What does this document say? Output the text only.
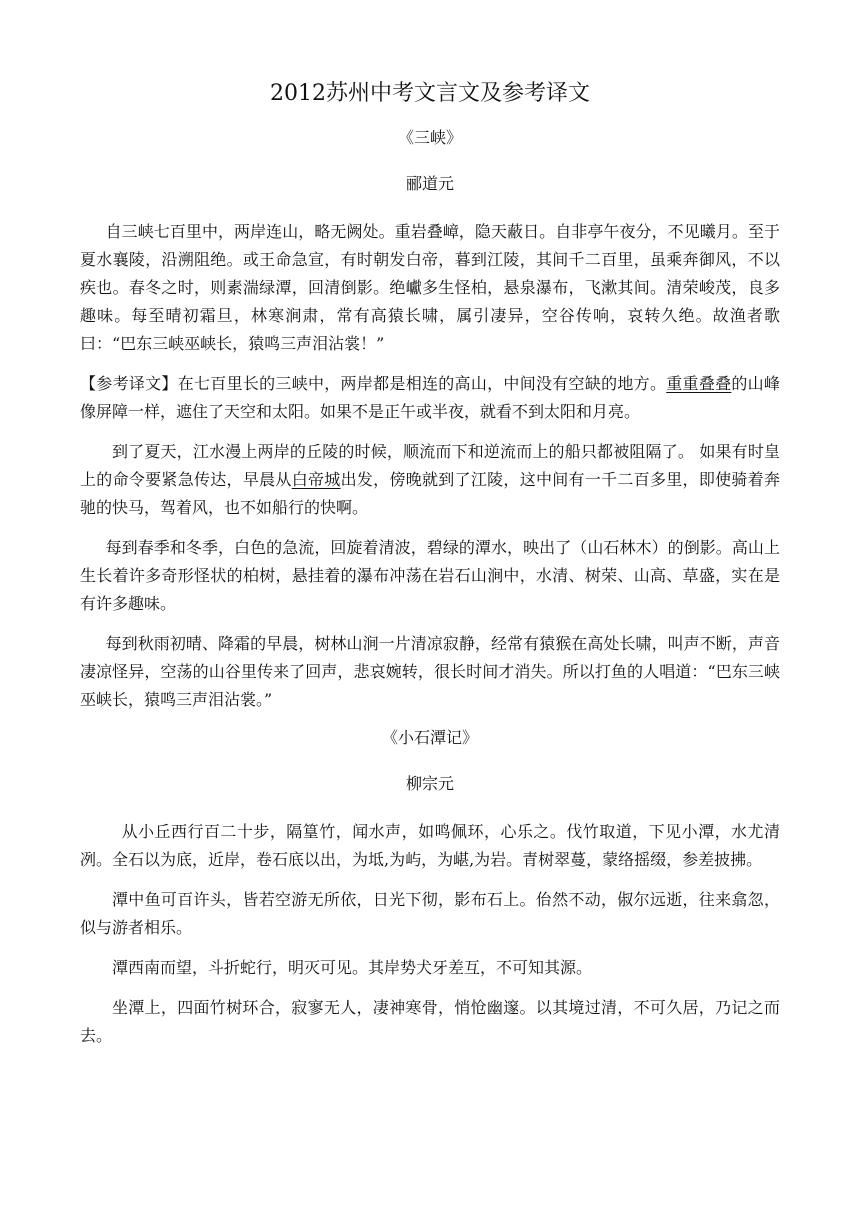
2012苏州中考文言文及参考译文
《三峡》
郦道元

自三峡七百里中，两岸连山，略无阙处。重岩叠嶂，隐天蔽日。自非亭午夜分，不见曦月。至于夏水襄陵，沿溯阻绝。或王命急宣，有时朝发白帝，暮到江陵，其间千二百里，虽乘奔御风，不以疾也。春冬之时，则素湍绿潭，回清倒影。绝巘多生怪柏，悬泉瀑布，飞漱其间。清荣峻茂，良多趣味。每至晴初霜旦，林寒涧肃，常有高猿长啸，属引凄异，空谷传响，哀转久绝。故渔者歌曰：“巴东三峡巫峡长，猿鸣三声泪沾裳！”

【参考译文】在七百里长的三峡中，两岸都是相连的高山，中间没有空缺的地方。重重叠叠的山峰像屏障一样，遮住了天空和太阳。如果不是正午或半夜，就看不到太阳和月亮。

到了夏天，江水漫上两岸的丘陵的时候，顺流而下和逆流而上的船只都被阻隔了。 如果有时皇上的命令要紧急传达，早晨从白帝城出发，傍晚就到了江陵，这中间有一千二百多里，即使骑着奔驰的快马，驾着风，也不如船行的快啊。

每到春季和冬季，白色的急流，回旋着清波，碧绿的潭水，映出了（山石林木）的倒影。高山上生长着许多奇形怪状的柏树，悬挂着的瀑布冲荡在岩石山涧中，水清、树荣、山高、草盛，实在是有许多趣味。

每到秋雨初晴、降霜的早晨，树林山涧一片清凉寂静，经常有猿猴在高处长啸，叫声不断，声音凄凉怪异，空荡的山谷里传来了回声，悲哀婉转，很长时间才消失。所以打鱼的人唱道：“巴东三峡巫峡长，猿鸣三声泪沾裳。”

《小石潭记》
柳宗元

从小丘西行百二十步，隔篁竹，闻水声，如鸣佩环，心乐之。伐竹取道，下见小潭，水尤清冽。全石以为底，近岸，卷石底以出，为坻,为屿，为嵁,为岩。青树翠蔓，蒙络摇缀，参差披拂。

潭中鱼可百许头，皆若空游无所依，日光下彻，影布石上。佁然不动，俶尔远逝，往来翕忽，似与游者相乐。

潭西南而望，斗折蛇行，明灭可见。其岸势犬牙差互，不可知其源。

坐潭上，四面竹树环合，寂寥无人，凄神寒骨，悄怆幽邃。以其境过清，不可久居，乃记之而去。
